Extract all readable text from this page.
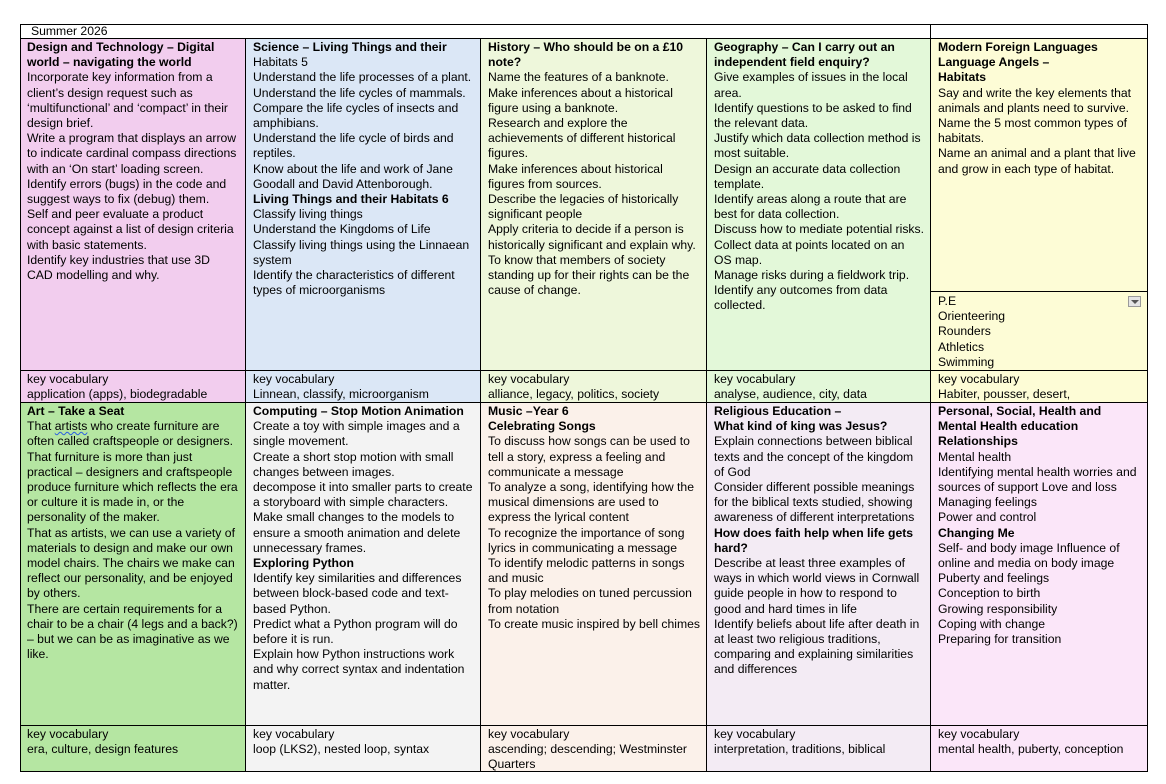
Summer 2026
Design and Technology – Digital world – navigating the world
Incorporate key information from a client’s design request such as ‘multifunctional’ and ‘compact’ in their design brief.
Write a program that displays an arrow to indicate cardinal compass directions with an ‘On start’ loading screen.
Identify errors (bugs) in the code and suggest ways to fix (debug) them.
Self and peer evaluate a product concept against a list of design criteria with basic statements.
Identify key industries that use 3D CAD modelling and why.
Science – Living Things and their
Habitats 5
Understand the life processes of a plant.
Understand the life cycles of mammals.
Compare the life cycles of insects and amphibians.
Understand the life cycle of birds and reptiles.
Know about the life and work of Jane Goodall and David Attenborough.
Living Things and their Habitats 6
Classify living things
Understand the Kingdoms of Life
Classify living things using the Linnaean system
Identify the characteristics of different types of microorganisms
History – Who should be on a £10 note?
Name the features of a banknote.
Make inferences about a historical figure using a banknote.
Research and explore the achievements of different historical figures.
Make inferences about historical figures from sources.
Describe the legacies of historically significant people
Apply criteria to decide if a person is historically significant and explain why.
To know that members of society standing up for their rights can be the cause of change.
Geography – Can I carry out an independent field enquiry?
Give examples of issues in the local area.
Identify questions to be asked to find the relevant data.
Justify which data collection method is most suitable.
Design an accurate data collection template.
Identify areas along a route that are best for data collection.
Discuss how to mediate potential risks.
Collect data at points located on an OS map.
Manage risks during a fieldwork trip.
Identify any outcomes from data collected.
Modern Foreign Languages
Language Angels –
Habitats
Say and write the key elements that animals and plants need to survive.
Name the 5 most common types of habitats.
Name an animal and a plant that live and grow in each type of habitat.
P.E
Orienteering
Rounders
Athletics
Swimming
key vocabulary
application (apps), biodegradable
key vocabulary
Linnean, classify, microorganism
key vocabulary
alliance, legacy, politics, society
key vocabulary
analyse, audience, city, data
key vocabulary
Habiter, pousser, desert,
Art – Take a Seat
That artists who create furniture are often called craftspeople or designers.
That furniture is more than just practical – designers and craftspeople produce furniture which reflects the era or culture it is made in, or the personality of the maker.
That as artists, we can use a variety of materials to design and make our own model chairs. The chairs we make can reflect our personality, and be enjoyed by others.
There are certain requirements for a chair to be a chair (4 legs and a back?) – but we can be as imaginative as we like.
Computing – Stop Motion Animation
Create a toy with simple images and a single movement.
Create a short stop motion with small changes between images.
decompose it into smaller parts to create a storyboard with simple characters.
Make small changes to the models to ensure a smooth animation and delete unnecessary frames.
Exploring Python
Identify key similarities and differences between block-based code and text-based Python.
Predict what a Python program will do before it is run.
Explain how Python instructions work and why correct syntax and indentation matter.
Music –Year 6
Celebrating Songs
To discuss how songs can be used to tell a story, express a feeling and communicate a message
To analyze a song, identifying how the musical dimensions are used to express the lyrical content
To recognize the importance of song lyrics in communicating a message
To identify melodic patterns in songs and music
To play melodies on tuned percussion from notation
To create music inspired by bell chimes
Religious Education –
What kind of king was Jesus?
Explain connections between biblical texts and the concept of the kingdom of God
Consider different possible meanings for the biblical texts studied, showing awareness of different interpretations
How does faith help when life gets hard?
Describe at least three examples of ways in which world views in Cornwall guide people in how to respond to good and hard times in life
Identify beliefs about life after death in at least two religious traditions, comparing and explaining similarities and differences
Personal, Social, Health and Mental Health education
Relationships
Mental health
Identifying mental health worries and sources of support Love and loss
Managing feelings
Power and control
Changing Me
Self- and body image Influence of online and media on body image
Puberty and feelings
Conception to birth
Growing responsibility
Coping with change
Preparing for transition
key vocabulary
era, culture, design features
key vocabulary
loop (LKS2), nested loop, syntax
key vocabulary
ascending; descending; Westminster Quarters
key vocabulary
interpretation, traditions, biblical
key vocabulary
mental health, puberty, conception
